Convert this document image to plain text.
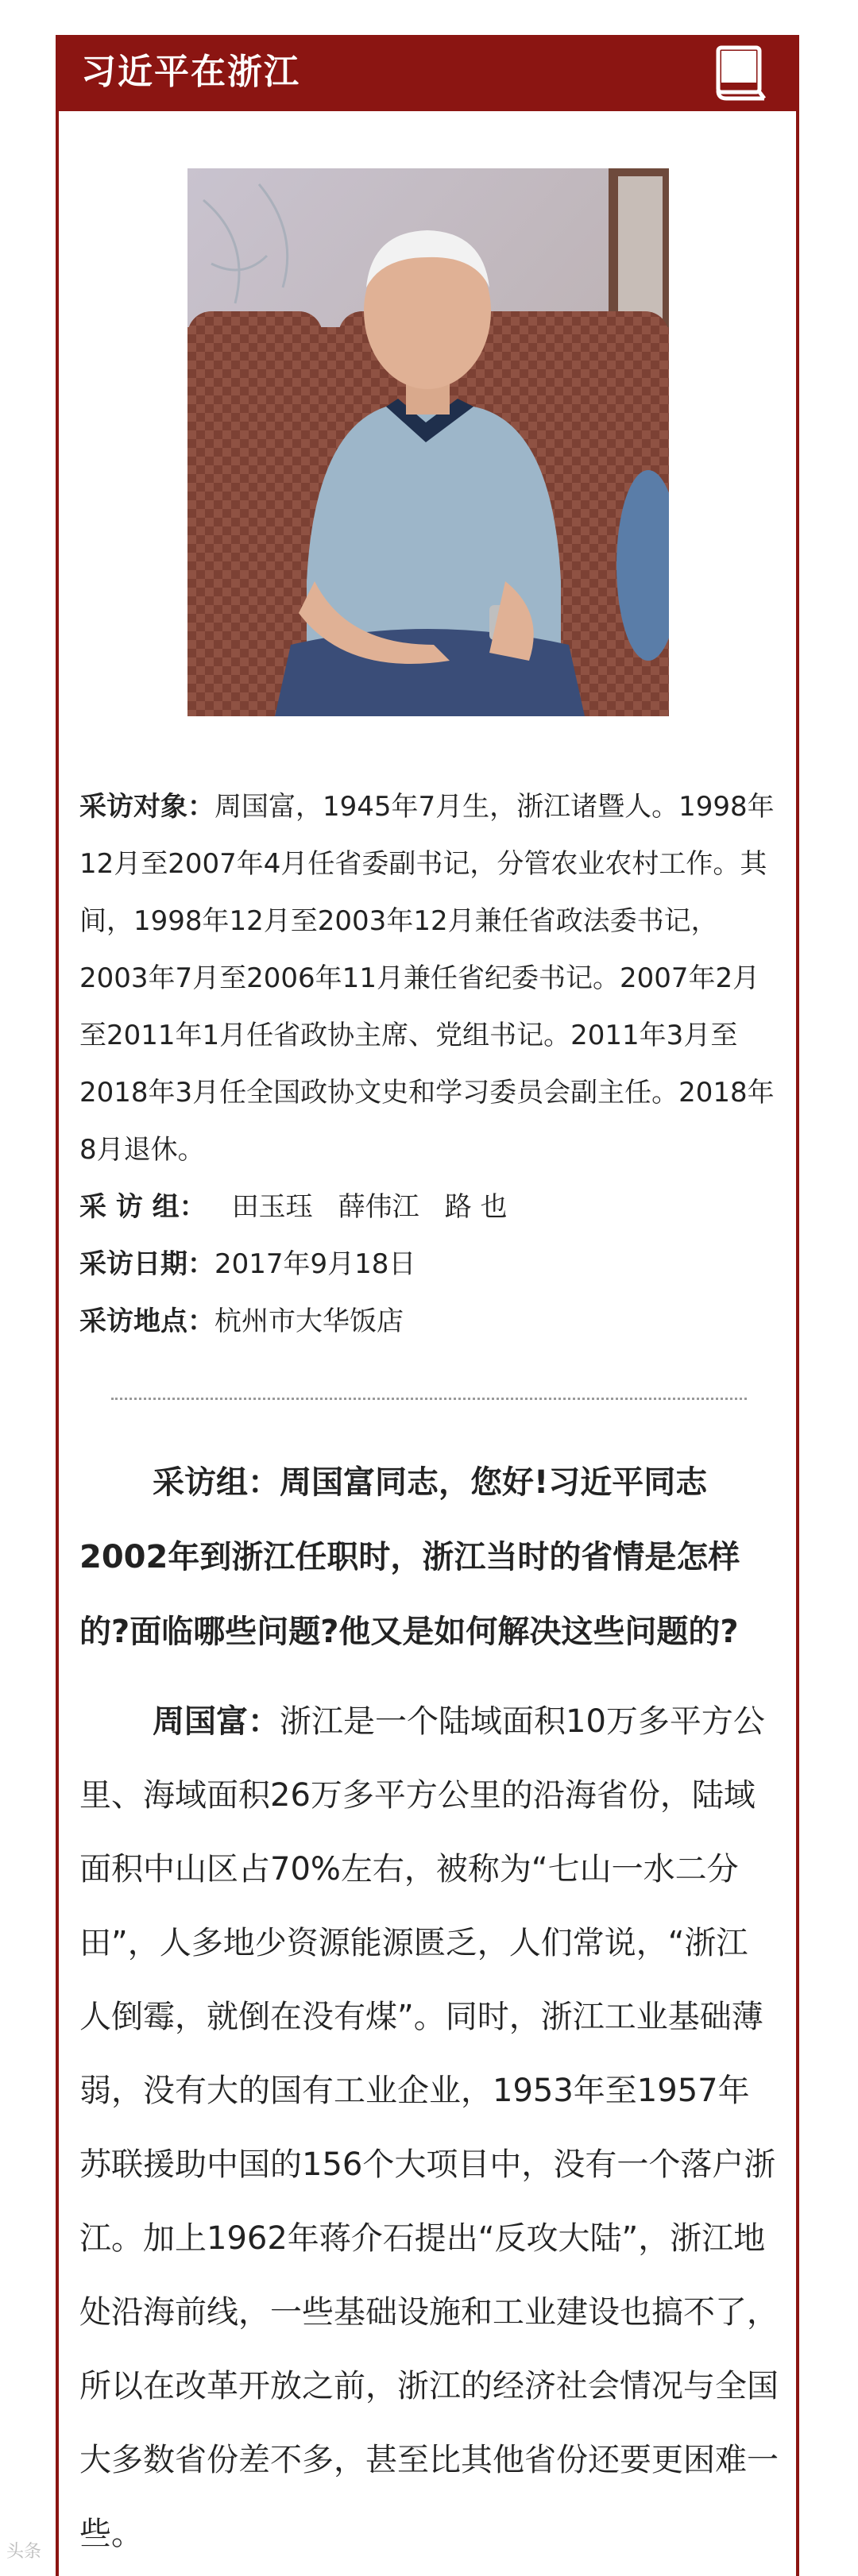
习近平在浙江

采访对象：周国富，1945年7月生，浙江诸暨人。1998年12月至2007年4月任省委副书记，分管农业农村工作。其间，1998年12月至2003年12月兼任省政法委书记，2003年7月至2006年11月兼任省纪委书记。2007年2月至2011年1月任省政协主席、党组书记。2011年3月至2018年3月任全国政协文史和学习委员会副主任。2018年8月退休。

采 访 组： 田玉珏 薛伟江 路 也

采访日期：2017年9月18日

采访地点：杭州市大华饭店

采访组：周国富同志，您好!习近平同志2002年到浙江任职时，浙江当时的省情是怎样的?面临哪些问题?他又是如何解决这些问题的?

周国富：浙江是一个陆域面积10万多平方公里、海域面积26万多平方公里的沿海省份，陆域面积中山区占70%左右，被称为“七山一水二分田”，人多地少资源能源匮乏，人们常说，“浙江人倒霉，就倒在没有煤”。同时，浙江工业基础薄弱，没有大的国有工业企业，1953年至1957年苏联援助中国的156个大项目中，没有一个落户浙江。加上1962年蒋介石提出“反攻大陆”，浙江地处沿海前线，一些基础设施和工业建设也搞不了，所以在改革开放之前，浙江的经济社会情况与全国大多数省份差不多，甚至比其他省份还要更困难一些。

头条
